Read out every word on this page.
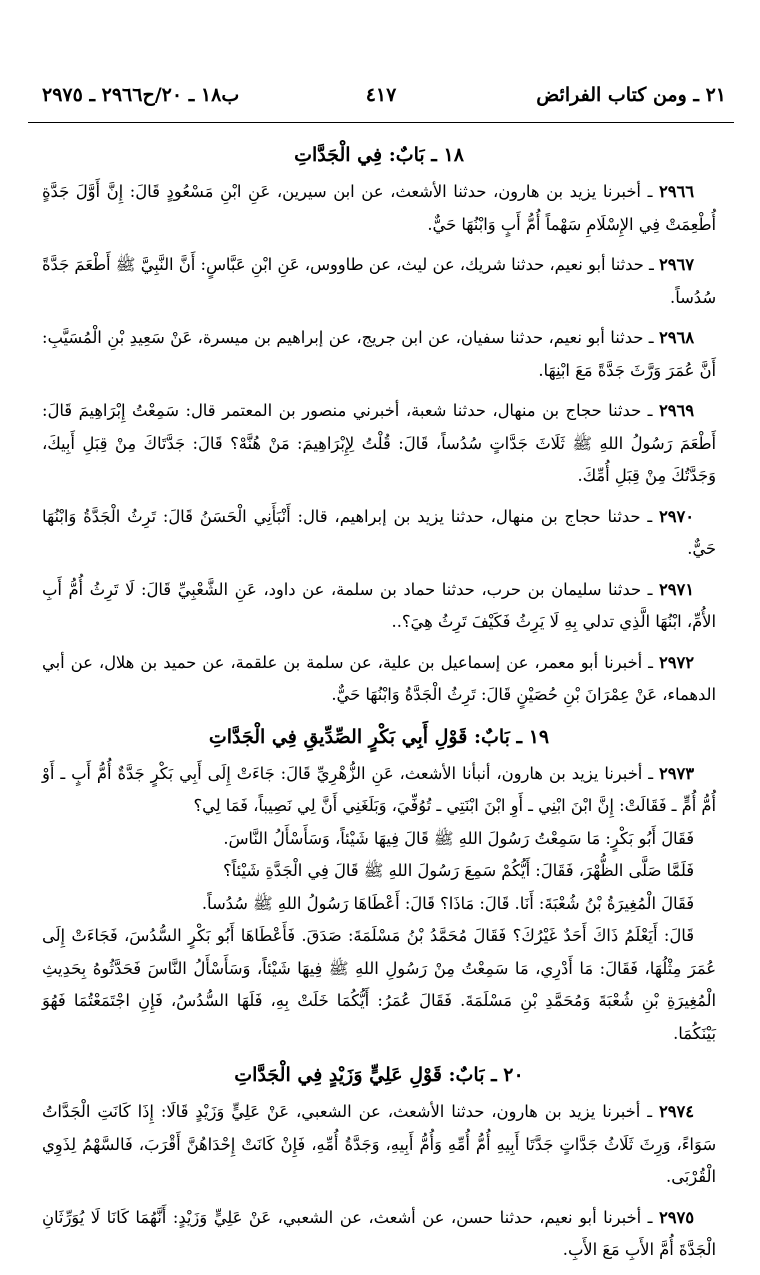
٢١ ـ ومن كتاب الفرائض
٤١٧
ب١٨ ـ ٢٠/ح٢٩٦٦ ـ ٢٩٧٥
١٨ ـ بَابٌ: فِي الْجَدَّاتِ

٢٩٦٦ ـ أخبرنا يزيد بن هارون، حدثنا الأشعث، عن ابن سيرين، عَنِ ابْنِ مَسْعُودٍ قَالَ: إِنَّ أَوَّلَ جَدَّةٍ أُطْعِمَتْ فِي الإِسْلَامِ سَهْماً أُمُّ أَبٍ وَابْنُهَا حَيٌّ.

٢٩٦٧ ـ حدثنا أبو نعيم، حدثنا شريك، عن ليث، عن طاووس، عَنِ ابْنِ عَبَّاسٍ: أَنَّ النَّبِيَّ ﷺ أَطْعَمَ جَدَّةً سُدُساً.

٢٩٦٨ ـ حدثنا أبو نعيم، حدثنا سفيان، عن ابن جريج، عن إبراهيم بن ميسرة، عَنْ سَعِيدِ بْنِ الْمُسَيَّبِ: أَنَّ عُمَرَ وَرَّثَ جَدَّةً مَعَ ابْنِهَا.

٢٩٦٩ ـ حدثنا حجاج بن منهال، حدثنا شعبة، أخبرني منصور بن المعتمر قال: سَمِعْتُ إِبْرَاهِيمَ قَالَ: أَطْعَمَ رَسُولُ اللهِ ﷺ ثَلَاثَ جَدَّاتٍ سُدُساً، قَالَ: قُلْتُ لِإِبْرَاهِيمَ: مَنْ هُنَّهْ؟ قَالَ: جَدَّتَاكَ مِنْ قِبَلِ أَبِيكَ، وَجَدَّتُكَ مِنْ قِبَلِ أُمِّكَ.

٢٩٧٠ ـ حدثنا حجاج بن منهال، حدثنا يزيد بن إبراهيم، قال: أَنْبَأَنِي الْحَسَنُ قَالَ: تَرِثُ الْجَدَّةُ وَابْنُهَا حَيٌّ.

٢٩٧١ ـ حدثنا سليمان بن حرب، حدثنا حماد بن سلمة، عن داود، عَنِ الشَّعْبِيِّ قَالَ: لَا تَرِثُ أُمُّ أَبِ الأُمِّ، ابْنُهَا الَّذِي تدلي بِهِ لَا يَرِثُ فَكَيْفَ تَرِثُ هِيَ؟..

٢٩٧٢ ـ أخبرنا أبو معمر، عن إسماعيل بن علية، عن سلمة بن علقمة، عن حميد بن هلال، عن أبي الدهماء، عَنْ عِمْرَانَ بْنِ حُصَيْنٍ قَالَ: تَرِثُ الْجَدَّةُ وَابْنُهَا حَيٌّ.

١٩ ـ بَابٌ: قَوْلِ أَبِي بَكْرٍ الصِّدِّيقِ فِي الْجَدَّاتِ

٢٩٧٣ ـ أخبرنا يزيد بن هارون، أنبأنا الأشعث، عَنِ الزُّهْرِيِّ قَالَ: جَاءَتْ إِلَى أَبِي بَكْرٍ جَدَّةٌ أُمُّ أَبٍ ـ أَوْ أُمُّ أُمٍّ ـ فَقَالَتْ: إِنَّ ابْنَ ابْنِي ـ أَوِ ابْنَ ابْنَتِي ـ تُوُفِّيَ، وَبَلَغَنِي أَنَّ لِي نَصِيباً، فَمَا لِي؟

فَقَالَ أَبُو بَكْرٍ: مَا سَمِعْتُ رَسُولَ اللهِ ﷺ قَالَ فِيهَا شَيْئاً، وَسَأَسْأَلُ النَّاسَ.

فَلَمَّا صَلَّى الظُّهْرَ، فَقَالَ: أَيُّكُمْ سَمِعَ رَسُولَ اللهِ ﷺ قَالَ فِي الْجَدَّةِ شَيْئاً؟

فَقَالَ الْمُغِيرَةُ بْنُ شُعْبَةَ: أَنَا. قَالَ: مَاذَا؟ قَالَ: أَعْطَاهَا رَسُولُ اللهِ ﷺ سُدُساً.

قَالَ: أَيَعْلَمُ ذَاكَ أَحَدٌ غَيْرُكَ؟ فَقَالَ مُحَمَّدُ بْنُ مَسْلَمَةَ: صَدَقَ. فَأَعْطَاهَا أَبُو بَكْرٍ السُّدُسَ، فَجَاءَتْ إِلَى عُمَرَ مِثْلُهَا، فَقَالَ: مَا أَدْرِي، مَا سَمِعْتُ مِنْ رَسُولِ اللهِ ﷺ فِيهَا شَيْئاً، وَسَأَسْأَلُ النَّاسَ فَحَدَّثُوهُ بِحَدِيثِ الْمُغِيرَةِ بْنِ شُعْبَةَ وَمُحَمَّدِ بْنِ مَسْلَمَةَ. فَقَالَ عُمَرُ: أَيُّكُمَا خَلَتْ بِهِ، فَلَهَا السُّدُسُ، فَإِنِ اجْتَمَعْتُمَا فَهُوَ بَيْنَكُمَا.

٢٠ ـ بَابٌ: قَوْلِ عَلِيٍّ وَزَيْدٍ فِي الْجَدَّاتِ

٢٩٧٤ ـ أخبرنا يزيد بن هارون، حدثنا الأشعث، عن الشعبي، عَنْ عَلِيٍّ وَزَيْدٍ قَالَا: إِذَا كَانَتِ الْجَدَّاتُ سَوَاءً، وَرِثَ ثَلَاثُ جَدَّاتٍ جَدَّتَا أَبِيهِ أُمُّ أُمِّهِ وَأُمُّ أَبِيهِ، وَجَدَّةُ أُمِّهِ، فَإِنْ كَانَتْ إِحْدَاهُنَّ أَقْرَبَ، فَالسَّهْمُ لِذَوِي الْقُرْبَى.

٢٩٧٥ ـ أخبرنا أبو نعيم، حدثنا حسن، عن أشعث، عن الشعبي، عَنْ عَلِيٍّ وَزَيْدٍ: أَنَّهُمَا كَانَا لَا يُوَرِّثَانِ الْجَدَّةَ أُمَّ الأَبِ مَعَ الأَبِ.
